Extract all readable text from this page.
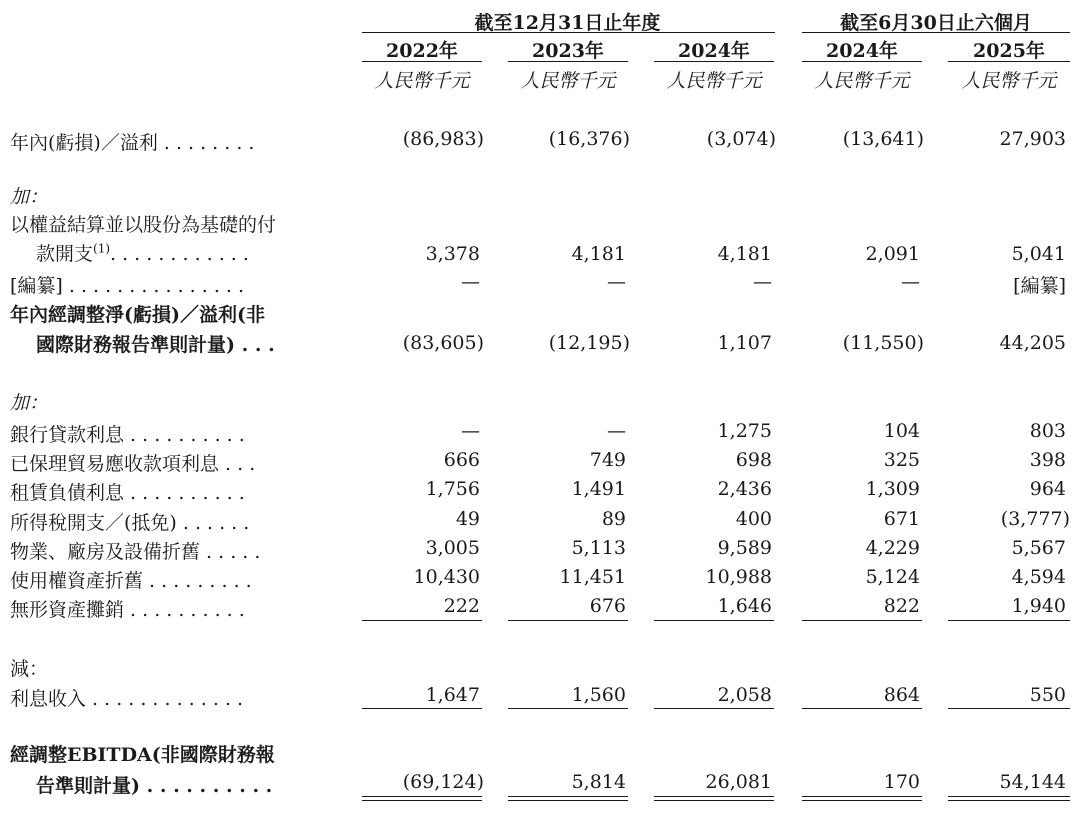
截至12月31日止年度	截至6月30日止六個月
2022年	2023年	2024年	2024年	2025年
人民幣千元	人民幣千元	人民幣千元	人民幣千元	人民幣千元
年內(虧損)／溢利 . . . . . . . .	(86,983)	(16,376)	(3,074)	(13,641)	27,903
加：
以權益結算並以股份為基礎的付
款開支$^{(1)}$. . . . . . . . . . . .	3,378	4,181	4,181	2,091	5,041
[編纂] . . . . . . . . . . . . . . .	—	—	—	—	[編纂]
年內經調整淨(虧損)／溢利(非
國際財務報告準則計量) . . .	(83,605)	(12,195)	1,107	(11,550)	44,205
加：
銀行貸款利息 . . . . . . . . . .	—	—	1,275	104	803
已保理貿易應收款項利息 . . .	666	749	698	325	398
租賃負債利息 . . . . . . . . . .	1,756	1,491	2,436	1,309	964
所得稅開支／(抵免) . . . . . .	49	89	400	671	(3,777)
物業、廠房及設備折舊 . . . . .	3,005	5,113	9,589	4,229	5,567
使用權資產折舊 . . . . . . . . .	10,430	11,451	10,988	5,124	4,594
無形資產攤銷 . . . . . . . . . .	222	676	1,646	822	1,940
減：
利息收入 . . . . . . . . . . . . .	1,647	1,560	2,058	864	550
經調整EBITDA(非國際財務報
告準則計量) . . . . . . . . . .	(69,124)	5,814	26,081	170	54,144
